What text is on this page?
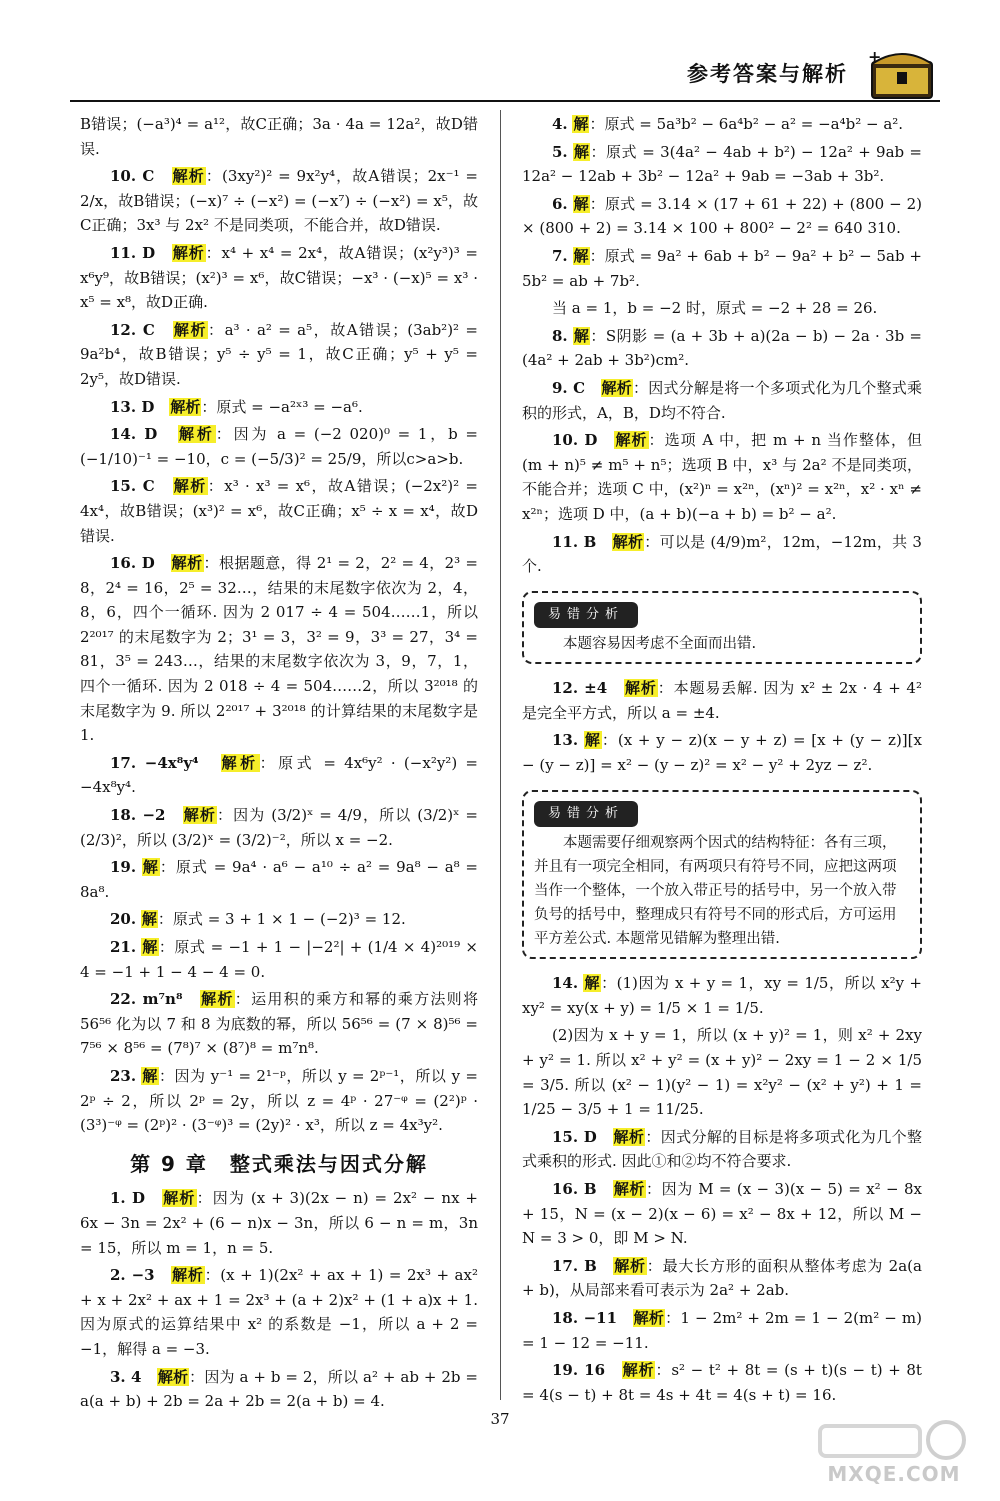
参考答案与解析
+

B错误；(−a³)⁴ = a¹²，故C正确；3a · 4a = 12a²，故D错误.

10. C　 解析：(3xy²)² = 9x²y⁴，故A错误；2x⁻¹ = 2/x，故B错误；(−x)⁷ ÷ (−x²) = (−x⁷) ÷ (−x²) = x⁵，故C正确；3x³ 与 2x² 不是同类项，不能合并，故D错误.

11. D　 解析：x⁴ + x⁴ = 2x⁴，故A错误；(x²y³)³ = x⁶y⁹，故B错误；(x²)³ = x⁶，故C错误；−x³ · (−x)⁵ = x³ · x⁵ = x⁸，故D正确.

12. C　 解析：a³ · a² = a⁵，故A错误；(3ab²)² = 9a²b⁴，故B错误；y⁵ ÷ y⁵ = 1，故C正确；y⁵ + y⁵ = 2y⁵，故D错误.

13. D　 解析：原式 = −a²ˣ³ = −a⁶.

14. D　 解析：因为 a = (−2 020)⁰ = 1，b = (−1/10)⁻¹ = −10，c = (−5/3)² = 25/9，所以c>a>b.

15. C　 解析：x³ · x³ = x⁶，故A错误；(−2x²)² = 4x⁴，故B错误；(x³)² = x⁶，故C正确；x⁵ ÷ x = x⁴，故D错误.

16. D　 解析：根据题意，得 2¹ = 2，2² = 4，2³ = 8，2⁴ = 16，2⁵ = 32…，结果的末尾数字依次为 2，4，8，6，四个一循环. 因为 2 017 ÷ 4 = 504……1，所以 2²⁰¹⁷ 的末尾数字为 2；3¹ = 3，3² = 9，3³ = 27，3⁴ = 81，3⁵ = 243…，结果的末尾数字依次为 3，9，7，1，四个一循环. 因为 2 018 ÷ 4 = 504……2，所以 3²⁰¹⁸ 的末尾数字为 9. 所以 2²⁰¹⁷ + 3²⁰¹⁸ 的计算结果的末尾数字是 1.

17. −4x⁸y⁴　 解析：原式 = 4x⁶y² · (−x²y²) = −4x⁸y⁴.

18. −2　 解析：因为 (3/2)ˣ = 4/9，所以 (3/2)ˣ = (2/3)²，所以 (3/2)ˣ = (3/2)⁻²，所以 x = −2.

19. 解：原式 = 9a⁴ · a⁶ − a¹⁰ ÷ a² = 9a⁸ − a⁸ = 8a⁸.

20. 解：原式 = 3 + 1 × 1 − (−2)³ = 12.

21. 解：原式 = −1 + 1 − |−2²| + (1/4 × 4)²⁰¹⁹ × 4 = −1 + 1 − 4 − 4 = 0.

22. m⁷n⁸　 解析：运用积的乘方和幂的乘方法则将 56⁵⁶ 化为以 7 和 8 为底数的幂，所以 56⁵⁶ = (7 × 8)⁵⁶ = 7⁵⁶ × 8⁵⁶ = (7⁸)⁷ × (8⁷)⁸ = m⁷n⁸.

23. 解：因为 y⁻¹ = 2¹⁻ᵖ，所以 y = 2ᵖ⁻¹，所以 y = 2ᵖ ÷ 2，所以 2ᵖ = 2y，所以 z = 4ᵖ · 27⁻ᵠ = (2²)ᵖ · (3³)⁻ᵠ = (2ᵖ)² · (3⁻ᵠ)³ = (2y)² · x³，所以 z = 4x³y².

第 9 章　整式乘法与因式分解

1. D　 解析：因为 (x + 3)(2x − n) = 2x² − nx + 6x − 3n = 2x² + (6 − n)x − 3n，所以 6 − n = m，3n = 15，所以 m = 1，n = 5.

2. −3　 解析：(x + 1)(2x² + ax + 1) = 2x³ + ax² + x + 2x² + ax + 1 = 2x³ + (a + 2)x² + (1 + a)x + 1. 因为原式的运算结果中 x² 的系数是 −1，所以 a + 2 = −1，解得 a = −3.

3. 4　 解析：因为 a + b = 2，所以 a² + ab + 2b = a(a + b) + 2b = 2a + 2b = 2(a + b) = 4.

4. 解：原式 = 5a³b² − 6a⁴b² − a² = −a⁴b² − a².

5. 解：原式 = 3(4a² − 4ab + b²) − 12a² + 9ab = 12a² − 12ab + 3b² − 12a² + 9ab = −3ab + 3b².

6. 解：原式 = 3.14 × (17 + 61 + 22) + (800 − 2) × (800 + 2) = 3.14 × 100 + 800² − 2² = 640 310.

7. 解：原式 = 9a² + 6ab + b² − 9a² + b² − 5ab + 5b² = ab + 7b².

当 a = 1，b = −2 时，原式 = −2 + 28 = 26.

8. 解：S阴影 = (a + 3b + a)(2a − b) − 2a · 3b = (4a² + 2ab + 3b²)cm².

9. C　 解析：因式分解是将一个多项式化为几个整式乘积的形式，A，B，D均不符合.

10. D　 解析：选项 A 中，把 m + n 当作整体，但 (m + n)⁵ ≠ m⁵ + n⁵；选项 B 中，x³ 与 2a² 不是同类项，不能合并；选项 C 中，(x²)ⁿ = x²ⁿ，(xⁿ)² = x²ⁿ，x² · xⁿ ≠ x²ⁿ；选项 D 中，(a + b)(−a + b) = b² − a².

11. B　 解析：可以是 (4/9)m²，12m，−12m，共 3 个.

易错分析
本题容易因考虑不全面而出错.

12. ±4　 解析：本题易丢解. 因为 x² ± 2x · 4 + 4² 是完全平方式，所以 a = ±4.

13. 解：(x + y − z)(x − y + z) = [x + (y − z)][x − (y − z)] = x² − (y − z)² = x² − y² + 2yz − z².

易错分析
本题需要仔细观察两个因式的结构特征：各有三项，并且有一项完全相同，有两项只有符号不同，应把这两项当作一个整体，一个放入带正号的括号中，另一个放入带负号的括号中，整理成只有符号不同的形式后，方可运用平方差公式. 本题常见错解为整理出错.

14. 解：(1)因为 x + y = 1，xy = 1/5，所以 x²y + xy² = xy(x + y) = 1/5 × 1 = 1/5.

(2)因为 x + y = 1，所以 (x + y)² = 1，则 x² + 2xy + y² = 1. 所以 x² + y² = (x + y)² − 2xy = 1 − 2 × 1/5 = 3/5. 所以 (x² − 1)(y² − 1) = x²y² − (x² + y²) + 1 = 1/25 − 3/5 + 1 = 11/25.

15. D　 解析：因式分解的目标是将多项式化为几个整式乘积的形式. 因此①和②均不符合要求.

16. B　 解析：因为 M = (x − 3)(x − 5) = x² − 8x + 15，N = (x − 2)(x − 6) = x² − 8x + 12，所以 M − N = 3 > 0，即 M > N.

17. B　 解析：最大长方形的面积从整体考虑为 2a(a + b)，从局部来看可表示为 2a² + 2ab.

18. −11　 解析：1 − 2m² + 2m = 1 − 2(m² − m) = 1 − 12 = −11.

19. 16　 解析：s² − t² + 8t = (s + t)(s − t) + 8t = 4(s − t) + 8t = 4s + 4t = 4(s + t) = 16.

37
MXQE.COM
